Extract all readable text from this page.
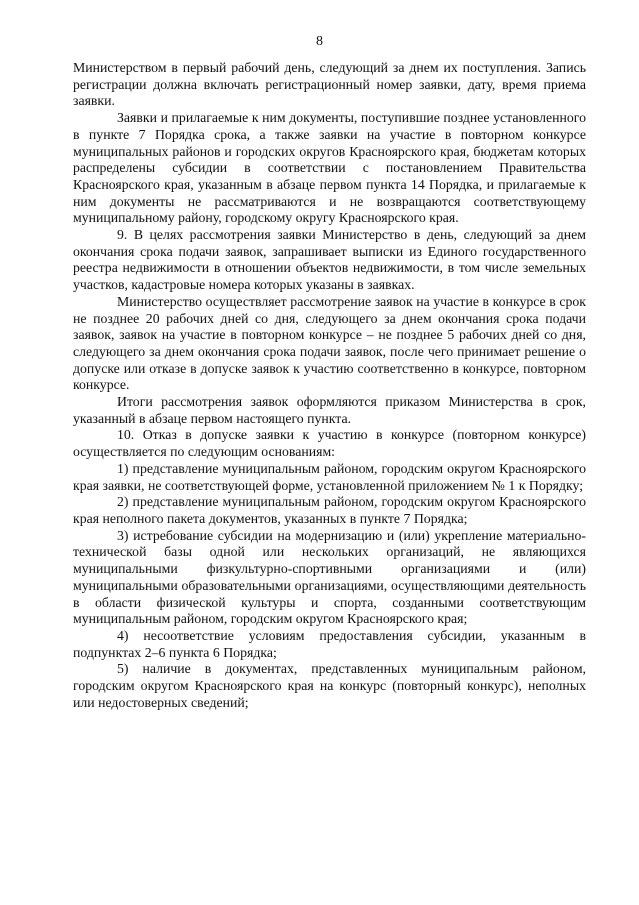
8

Министерством в первый рабочий день, следующий за днем их поступления. Запись регистрации должна включать регистрационный номер заявки, дату, время приема заявки.

Заявки и прилагаемые к ним документы, поступившие позднее установленного в пункте 7 Порядка срока, а также заявки на участие в повторном конкурсе муниципальных районов и городских округов Красноярского края, бюджетам которых распределены субсидии в соответствии с постановлением Правительства Красноярского края, указанным в абзаце первом пункта 14 Порядка, и прилагаемые к ним документы не рассматриваются и не возвращаются соответствующему муниципальному району, городскому округу Красноярского края.

9. В целях рассмотрения заявки Министерство в день, следующий за днем окончания срока подачи заявок, запрашивает выписки из Единого государственного реестра недвижимости в отношении объектов недвижимости, в том числе земельных участков, кадастровые номера которых указаны в заявках.

Министерство осуществляет рассмотрение заявок на участие в конкурсе в срок не позднее 20 рабочих дней со дня, следующего за днем окончания срока подачи заявок, заявок на участие в повторном конкурсе – не позднее 5 рабочих дней со дня, следующего за днем окончания срока подачи заявок, после чего принимает решение о допуске или отказе в допуске заявок к участию соответственно в конкурсе, повторном конкурсе.

Итоги рассмотрения заявок оформляются приказом Министерства в срок, указанный в абзаце первом настоящего пункта.

10. Отказ в допуске заявки к участию в конкурсе (повторном конкурсе) осуществляется по следующим основаниям:

1) представление муниципальным районом, городским округом Красноярского края заявки, не соответствующей форме, установленной приложением № 1 к Порядку;

2) представление муниципальным районом, городским округом Красноярского края неполного пакета документов, указанных в пункте 7 Порядка;

3) истребование субсидии на модернизацию и (или) укрепление материально-технической базы одной или нескольких организаций, не являющихся муниципальными физкультурно-спортивными организациями и (или) муниципальными образовательными организациями, осуществляющими деятельность в области физической культуры и спорта, созданными соответствующим муниципальным районом, городским округом Красноярского края;

4) несоответствие условиям предоставления субсидии, указанным в подпунктах 2–6 пункта 6 Порядка;

5) наличие в документах, представленных муниципальным районом, городским округом Красноярского края на конкурс (повторный конкурс), неполных или недостоверных сведений;
